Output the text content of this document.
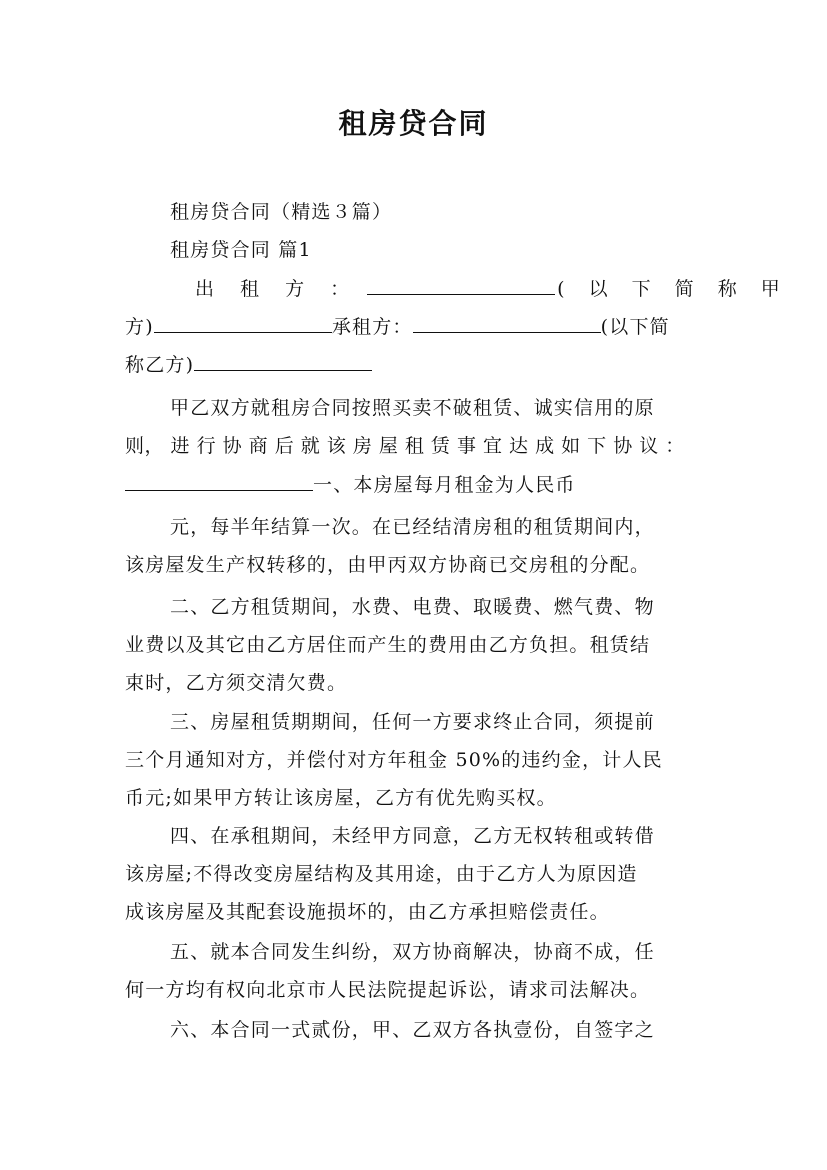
租房贷合同
租房贷合同（精选３篇）
租房贷合同 篇1
出 租 方 ：	( 以 下 简 称 甲
方)	承租方：	(以下简
称乙方)
甲乙双方就租房合同按照买卖不破租赁、诚实信用的原
则， 进 行 协 商 后 就 该 房 屋 租 赁 事 宜 达 成 如 下 协 议 ：
一、本房屋每月租金为人民币
元，每半年结算一次。在已经结清房租的租赁期间内，
该房屋发生产权转移的，由甲丙双方协商已交房租的分配。
二、乙方租赁期间，水费、电费、取暖费、燃气费、物
业费以及其它由乙方居住而产生的费用由乙方负担。租赁结
束时，乙方须交清欠费。
三、房屋租赁期期间，任何一方要求终止合同，须提前
三个月通知对方，并偿付对方年租金 50%的违约金，计人民
币元;如果甲方转让该房屋，乙方有优先购买权。
四、在承租期间，未经甲方同意，乙方无权转租或转借
该房屋;不得改变房屋结构及其用途，由于乙方人为原因造
成该房屋及其配套设施损坏的，由乙方承担赔偿责任。
五、就本合同发生纠纷，双方协商解决，协商不成，任
何一方均有权向北京市人民法院提起诉讼，请求司法解决。
六、本合同一式贰份，甲、乙双方各执壹份，自签字之
